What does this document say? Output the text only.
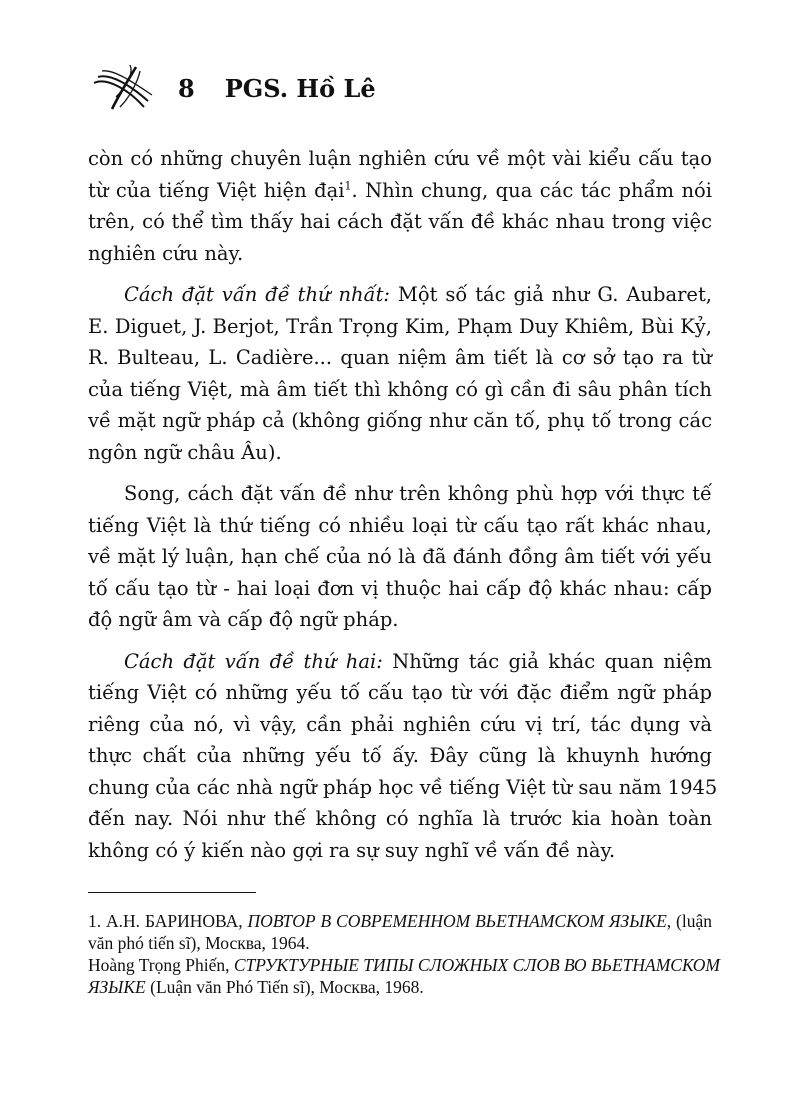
8 PGS. Hồ Lê
còn có những chuyên luận nghiên cứu về một vài kiểu cấu tạo
từ của tiếng Việt hiện đại$^1$. Nhìn chung, qua các tác phẩm nói
trên, có thể tìm thấy hai cách đặt vấn đề khác nhau trong việc
nghiên cứu này.
Cách đặt vấn đề thứ nhất: Một số tác giả như G. Aubaret,
E. Diguet, J. Berjot, Trần Trọng Kim, Phạm Duy Khiêm, Bùi Kỷ,
R. Bulteau, L. Cadière... quan niệm âm tiết là cơ sở tạo ra từ
của tiếng Việt, mà âm tiết thì không có gì cần đi sâu phân tích
về mặt ngữ pháp cả (không giống như căn tố, phụ tố trong các
ngôn ngữ châu Âu).
Song, cách đặt vấn đề như trên không phù hợp với thực tế
tiếng Việt là thứ tiếng có nhiều loại từ cấu tạo rất khác nhau,
về mặt lý luận, hạn chế của nó là đã đánh đồng âm tiết với yếu
tố cấu tạo từ - hai loại đơn vị thuộc hai cấp độ khác nhau: cấp
độ ngữ âm và cấp độ ngữ pháp.
Cách đặt vấn đề thứ hai: Những tác giả khác quan niệm
tiếng Việt có những yếu tố cấu tạo từ với đặc điểm ngữ pháp
riêng của nó, vì vậy, cần phải nghiên cứu vị trí, tác dụng và
thực chất của những yếu tố ấy. Đây cũng là khuynh hướng
chung của các nhà ngữ pháp học về tiếng Việt từ sau năm 1945
đến nay. Nói như thế không có nghĩa là trước kia hoàn toàn
không có ý kiến nào gợi ra sự suy nghĩ về vấn đề này.
1. А.Н. БАРИНОВА, ПОВТОР В СОВРЕМЕННОМ ВЬЕТНАМСКОМ ЯЗЫКЕ, (luận
văn phó tiến sĩ), Москва, 1964.
Hoàng Trọng Phiến, СТРУКТУРНЫЕ ТИПЫ СЛОЖНЫХ СЛОВ ВО ВЬЕТНАМСКОМ
ЯЗЫКЕ (Luận văn Phó Tiến sĩ), Москва, 1968.
